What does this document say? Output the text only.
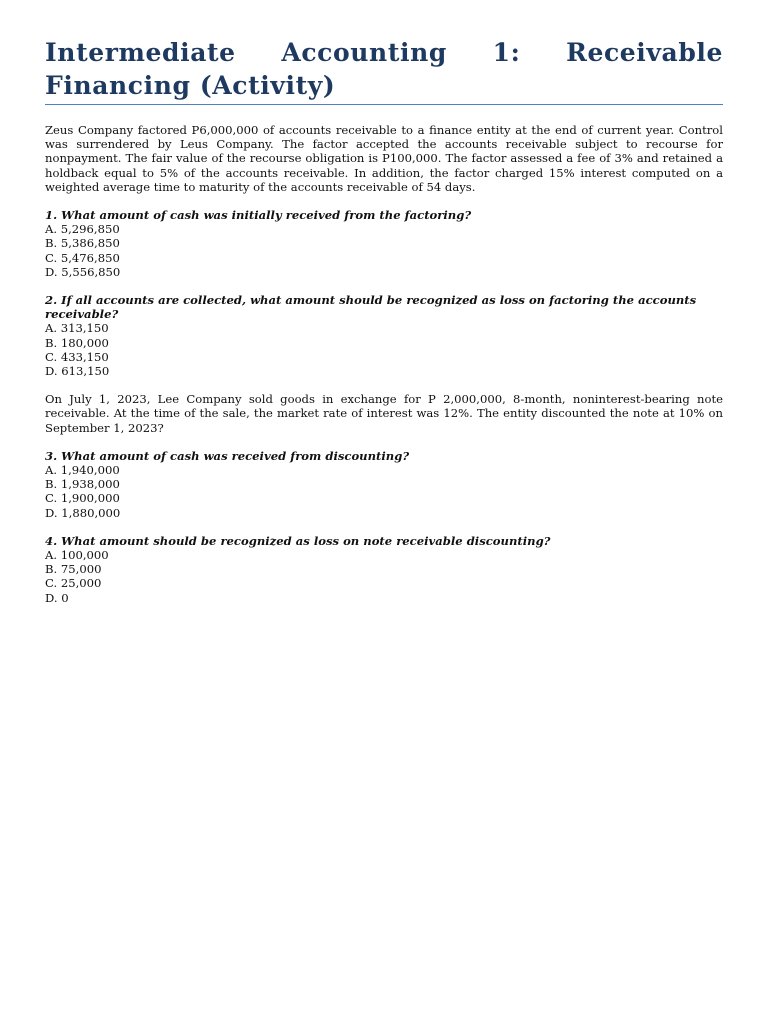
Intermediate Accounting 1: Receivable Financing (Activity)

Zeus Company factored P6,000,000 of accounts receivable to a finance entity at the end of current year. Control was surrendered by Leus Company. The factor accepted the accounts receivable subject to recourse for nonpayment. The fair value of the recourse obligation is P100,000. The factor assessed a fee of 3% and retained a holdback equal to 5% of the accounts receivable. In addition, the factor charged 15% interest computed on a weighted average time to maturity of the accounts receivable of 54 days.

1. What amount of cash was initially received from the factoring?

A. 5,296,850
B. 5,386,850
C. 5,476,850
D. 5,556,850

2. If all accounts are collected, what amount should be recognized as loss on factoring the accounts receivable?

A. 313,150
B. 180,000
C. 433,150
D. 613,150

On July 1, 2023, Lee Company sold goods in exchange for P 2,000,000, 8-month, noninterest-bearing note receivable. At the time of the sale, the market rate of interest was 12%. The entity discounted the note at 10% on September 1, 2023?

3. What amount of cash was received from discounting?

A. 1,940,000
B. 1,938,000
C. 1,900,000
D. 1,880,000

4. What amount should be recognized as loss on note receivable discounting?

A. 100,000
B. 75,000
C. 25,000
D. 0
